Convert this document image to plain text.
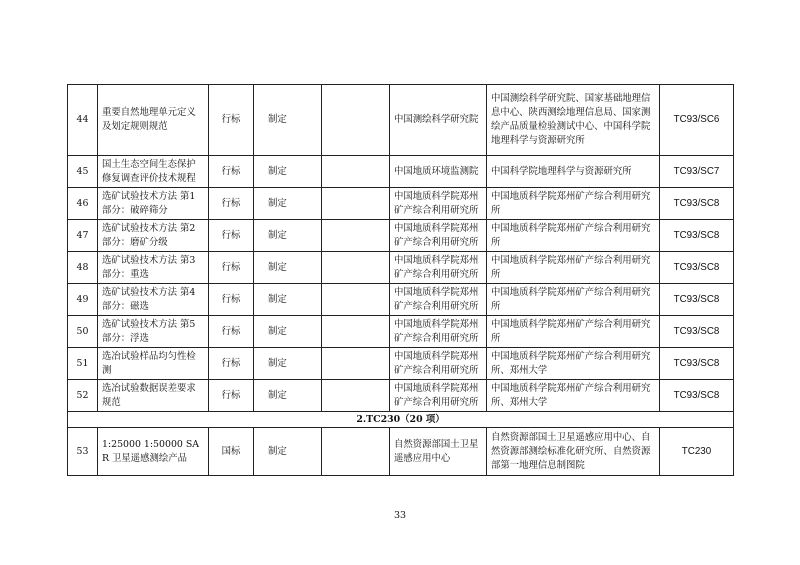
44	重要自然地理单元定义及划定规则规范	行标	制定		中国测绘科学研究院	中国测绘科学研究院、国家基础地理信息中心、陕西测绘地理信息局、国家测绘产品质量检验测试中心、中国科学院地理科学与资源研究所	TC93/SC6
45	国土生态空间生态保护修复调查评价技术规程	行标	制定		中国地质环境监测院	中国科学院地理科学与资源研究所	TC93/SC7
46	选矿试验技术方法 第1部分：破碎筛分	行标	制定		中国地质科学院郑州矿产综合利用研究所	中国地质科学院郑州矿产综合利用研究所	TC93/SC8
47	选矿试验技术方法 第2部分：磨矿分级	行标	制定		中国地质科学院郑州矿产综合利用研究所	中国地质科学院郑州矿产综合利用研究所	TC93/SC8
48	选矿试验技术方法 第3部分：重选	行标	制定		中国地质科学院郑州矿产综合利用研究所	中国地质科学院郑州矿产综合利用研究所	TC93/SC8
49	选矿试验技术方法 第4部分：磁选	行标	制定		中国地质科学院郑州矿产综合利用研究所	中国地质科学院郑州矿产综合利用研究所	TC93/SC8
50	选矿试验技术方法 第5部分：浮选	行标	制定		中国地质科学院郑州矿产综合利用研究所	中国地质科学院郑州矿产综合利用研究所	TC93/SC8
51	选冶试验样品均匀性检测	行标	制定		中国地质科学院郑州矿产综合利用研究所	中国地质科学院郑州矿产综合利用研究所、郑州大学	TC93/SC8
52	选冶试验数据误差要求规范	行标	制定		中国地质科学院郑州矿产综合利用研究所	中国地质科学院郑州矿产综合利用研究所、郑州大学	TC93/SC8
2.TC230（20 项）							
53	1:25000 1:50000 SAR 卫星遥感测绘产品	国标	制定		自然资源部国土卫星遥感应用中心	自然资源部国土卫星遥感应用中心、自然资源部测绘标准化研究所、自然资源部第一地理信息制图院	TC230
33
